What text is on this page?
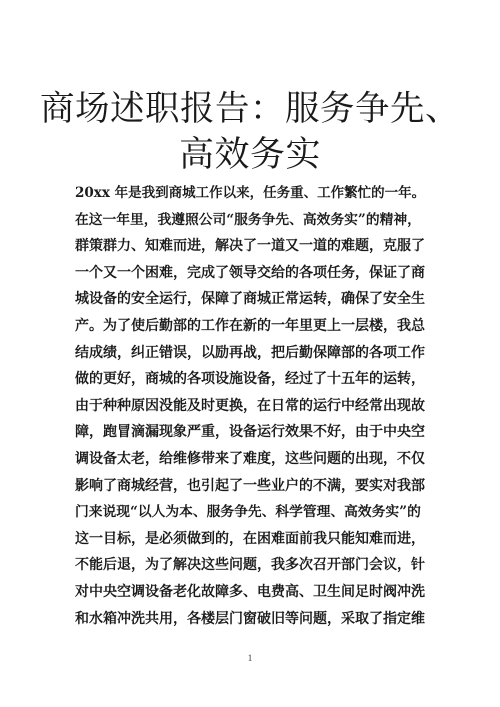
商场述职报告：服务争先、
高效务实
20xx 年是我到商城工作以来，任务重、工作繁忙的一年。
在这一年里，我遵照公司“服务争先、高效务实”的精神，
群策群力、知难而进，解决了一道又一道的难题，克服了
一个又一个困难，完成了领导交给的各项任务，保证了商
城设备的安全运行，保障了商城正常运转，确保了安全生
产。为了使后勤部的工作在新的一年里更上一层楼，我总
结成绩，纠正错误，以励再战，把后勤保障部的各项工作
做的更好，商城的各项设施设备，经过了十五年的运转，
由于种种原因没能及时更换，在日常的运行中经常出现故
障，跑冒滴漏现象严重，设备运行效果不好，由于中央空
调设备太老，给维修带来了难度，这些问题的出现，不仅
影响了商城经营，也引起了一些业户的不满，要实对我部
门来说现“以人为本、服务争先、科学管理、高效务实”的
这一目标，是必须做到的，在困难面前我只能知难而进，
不能后退，为了解决这些问题，我多次召开部门会议，针
对中央空调设备老化故障多、电费高、卫生间足时阀冲洗
和水箱冲洗共用，各楼层门窗破旧等问题，采取了指定维
1
